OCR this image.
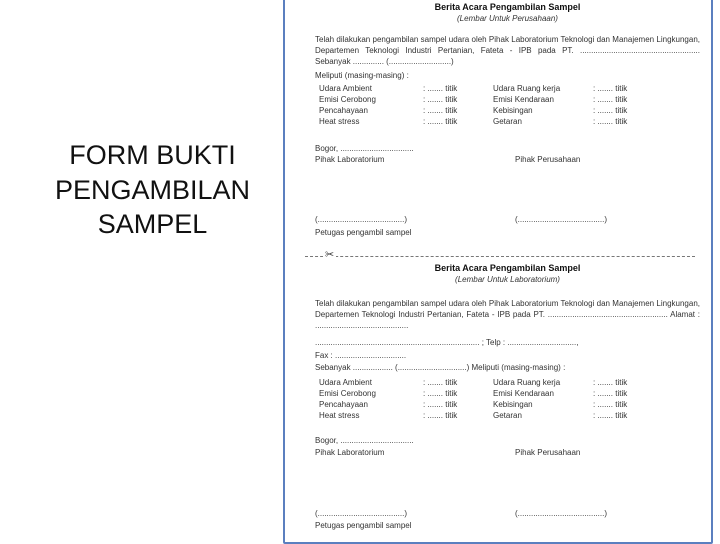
FORM BUKTI
PENGAMBILAN
SAMPEL
Berita Acara Pengambilan Sampel
(Lembar Untuk Perusahaan)
Telah dilakukan pengambilan sampel udara oleh Pihak Laboratorium Teknologi dan Manajemen Lingkungan, Departemen Teknologi Industri Pertanian, Fateta - IPB pada PT. ...................................................... Sebanyak .............. (............................)
Meliputi (masing-masing) :
Udara Ambient	: ....... titik	Udara Ruang kerja	: ....... titik
Emisi Cerobong	: ....... titik	Emisi Kendaraan	: ....... titik
Pencahayaan	: ....... titik	Kebisingan	: ....... titik
Heat stress	: ....... titik	Getaran	: ....... titik
Bogor, .................................
Pihak Laboratorium	Pihak Perusahaan
(.......................................)	(.......................................)
Petugas pengambil sampel
✂
Berita Acara Pengambilan Sampel
(Lembar Untuk Laboratorium)
Telah dilakukan pengambilan sampel udara oleh Pihak Laboratorium Teknologi dan Manajemen Lingkungan, Departemen Teknologi Industri Pertanian, Fateta - IPB pada PT. ...................................................... Alamat : ..........................................
.......................................................................... ; Telp : ...............................,
Fax : ................................
Sebanyak .................. (...............................) Meliputi (masing-masing) :
Udara Ambient	: ....... titik	Udara Ruang kerja	: ....... titik
Emisi Cerobong	: ....... titik	Emisi Kendaraan	: ....... titik
Pencahayaan	: ....... titik	Kebisingan	: ....... titik
Heat stress	: ....... titik	Getaran	: ....... titik
Bogor, .................................
Pihak Laboratorium	Pihak Perusahaan
(.......................................)	(.......................................)
Petugas pengambil sampel
